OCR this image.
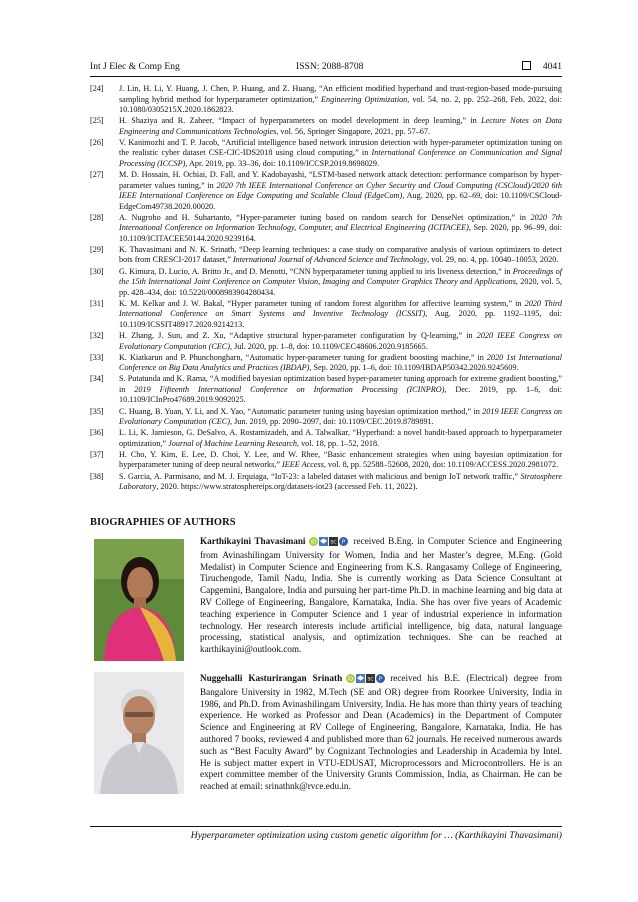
Int J Elec & Comp Eng	ISSN: 2088-8708	4041
[24] J. Lin, H. Li, Y. Huang, J. Chen, P. Huang, and Z. Huang, “An efficient modified hyperband and trust-region-based mode-pursuing sampling hybrid method for hyperparameter optimization,” Engineering Optimization, vol. 54, no. 2, pp. 252–268, Feb. 2022, doi: 10.1080/0305215X.2020.1862823.
[25] H. Shaziya and R. Zaheer, “Impact of hyperparameters on model development in deep learning,” in Lecture Notes on Data Engineering and Communications Technologies, vol. 56, Springer Singapore, 2021, pp. 57–67.
[26] V. Kanimozhi and T. P. Jacob, “Artificial intelligence based network intrusion detection with hyper-parameter optimization tuning on the realistic cyber dataset CSE-CIC-IDS2018 using cloud computing,” in International Conference on Communication and Signal Processing (ICCSP), Apr. 2019, pp. 33–36, doi: 10.1109/ICCSP.2019.8698029.
[27] M. D. Hossain, H. Ochiai, D. Fall, and Y. Kadobayashi, “LSTM-based network attack detection: performance comparison by hyper-parameter values tuning,” in 2020 7th IEEE International Conference on Cyber Security and Cloud Computing (CSCloud)/2020 6th IEEE International Conference on Edge Computing and Scalable Cloud (EdgeCom), Aug. 2020, pp. 62–69, doi: 10.1109/CSCloud-EdgeCom49738.2020.00020.
[28] A. Nugroho and H. Suhartanto, “Hyper-parameter tuning based on random search for DenseNet optimization,” in 2020 7th International Conference on Information Technology, Computer, and Electrical Engineering (ICITACEE), Sep. 2020, pp. 96–99, doi: 10.1109/ICITACEE50144.2020.9239164.
[29] K. Thavasimani and N. K. Srinath, “Deep learning techniques: a case study on comparative analysis of various optimizers to detect bots from CRESCI-2017 dataset,” International Journal of Advanced Science and Technology, vol. 29, no. 4, pp. 10040–10053, 2020.
[30] G. Kimura, D. Lucio, A. Britto Jr., and D. Menotti, “CNN hyperparameter tuning applied to iris liveness detection,” in Proceedings of the 15th International Joint Conference on Computer Vision, Imaging and Computer Graphics Theory and Applications, 2020, vol. 5, pp. 428–434, doi: 10.5220/0008983904280434.
[31] K. M. Kelkar and J. W. Bakal, “Hyper parameter tuning of random forest algorithm for affective learning system,” in 2020 Third International Conference on Smart Systems and Inventive Technology (ICSSIT), Aug. 2020, pp. 1192–1195, doi: 10.1109/ICSSIT48917.2020.9214213.
[32] H. Zhang, J. Sun, and Z. Xu, “Adaptive structural hyper-parameter configuration by Q-learning,” in 2020 IEEE Congress on Evolutionary Computation (CEC), Jul. 2020, pp. 1–8, doi: 10.1109/CEC48606.2020.9185665.
[33] K. Kiatkarun and P. Phunchongharn, “Automatic hyper-parameter tuning for gradient boosting machine,” in 2020 1st International Conference on Big Data Analytics and Practices (IBDAP), Sep. 2020, pp. 1–6, doi: 10.1109/IBDAP50342.2020.9245609.
[34] S. Putatunda and K. Rama, “A modified bayesian optimization based hyper-parameter tuning approach for extreme gradient boosting,” in 2019 Fifteenth International Conference on Information Processing (ICINPRO), Dec. 2019, pp. 1–6, doi: 10.1109/ICInPro47689.2019.9092025.
[35] C. Huang, B. Yuan, Y. Li, and X. Yao, “Automatic parameter tuning using bayesian optimization method,” in 2019 IEEE Congress on Evolutionary Computation (CEC), Jun. 2019, pp. 2090–2097, doi: 10.1109/CEC.2019.8789891.
[36] L. Li, K. Jamieson, G. DeSalvo, A. Rostamizadeh, and A. Talwalkar, “Hyperband: a novel bandit-based approach to hyperparameter optimization,” Journal of Machine Learning Research, vol. 18, pp. 1–52, 2018.
[37] H. Cho, Y. Kim, E. Lee, D. Choi, Y. Lee, and W. Rhee, “Basic enhancement strategies when using bayesian optimization for hyperparameter tuning of deep neural networks,” IEEE Access, vol. 8, pp. 52588–52608, 2020, doi: 10.1109/ACCESS.2020.2981072.
[38] S. Garcia, A. Parmisano, and M. J. Erquiaga, “IoT-23: a labeled dataset with malicious and benign IoT network traffic,” Stratosphere Laboratory, 2020. https://www.stratosphereips.org/datasets-iot23 (accessed Feb. 11, 2022).
BIOGRAPHIES OF AUTHORS

Karthikayini Thavasimani iD	SC P received B.Eng. in Computer Science and Engineering from Avinashilingam University for Women, India and her Master’s degree, M.Eng. (Gold Medalist) in Computer Science and Engineering from K.S. Rangasamy College of Engineering, Tiruchengode, Tamil Nadu, India. She is currently working as Data Science Consultant at Capgemini, Bangalore, India and pursuing her part-time Ph.D. in machine learning and big data at RV College of Engineering, Bangalore, Karnataka, India. She has over five years of Academic teaching experience in Computer Science and 1 year of industrial experience in information technology. Her research interests include artificial intelligence, big data, natural language processing, statistical analysis, and optimization techniques. She can be reached at karthikayini@outlook.com.

Nuggehalli Kasturirangan Srinath iD	SC P received his B.E. (Electrical) degree from Bangalore University in 1982, M.Tech (SE and OR) degree from Roorkee University, India in 1986, and Ph.D. from Avinashilingam University, India. He has more than thirty years of teaching experience. He worked as Professor and Dean (Academics) in the Department of Computer Science and Engineering at RV College of Engineering, Bangalore, Karnataka, India. He has authored 7 books, reviewed 4 and published more than 62 journals. He received numerous awards such as “Best Faculty Award” by Cognizant Technologies and Leadership in Academia by Intel. He is subject matter expert in VTU-EDUSAT, Microprocessors and Microcontrollers. He is an expert committee member of the University Grants Commission, India, as Chairman. He can be reached at email: srinathnk@rvce.edu.in.

Hyperparameter optimization using custom genetic algorithm for … (Karthikayini Thavasimani)
